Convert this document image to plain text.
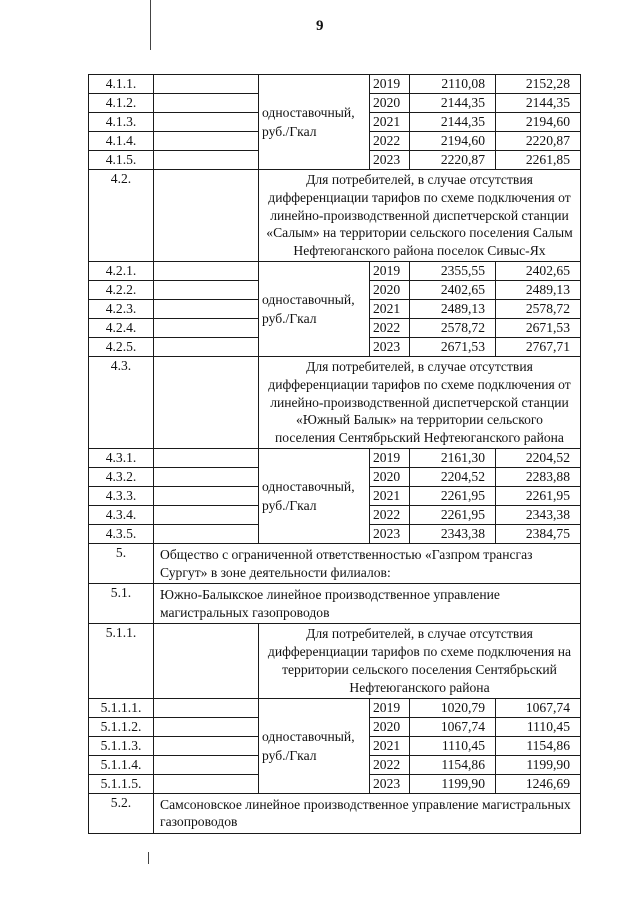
9
4.1.1.		одноставочный, руб./Гкал	2019	2110,08	2152,28
4.1.2.			2020	2144,35	2144,35
4.1.3.			2021	2144,35	2194,60
4.1.4.			2022	2194,60	2220,87
4.1.5.			2023	2220,87	2261,85
4.2.		Для потребителей, в случае отсутствия дифференциации тарифов по схеме подключения от линейно-производственной диспетчерской станции «Салым» на территории сельского поселения Салым Нефтеюганского района поселок Сивыс-Ях			
4.2.1.		одноставочный, руб./Гкал	2019	2355,55	2402,65
4.2.2.			2020	2402,65	2489,13
4.2.3.			2021	2489,13	2578,72
4.2.4.			2022	2578,72	2671,53
4.2.5.			2023	2671,53	2767,71
4.3.		Для потребителей, в случае отсутствия дифференциации тарифов по схеме подключения от линейно-производственной диспетчерской станции «Южный Балык» на территории сельского поселения Сентябрьский Нефтеюганского района			
4.3.1.		одноставочный, руб./Гкал	2019	2161,30	2204,52
4.3.2.			2020	2204,52	2283,88
4.3.3.			2021	2261,95	2261,95
4.3.4.			2022	2261,95	2343,38
4.3.5.			2023	2343,38	2384,75
5.	Общество с ограниченной ответственностью «Газпром трансгаз Сургут» в зоне деятельности филиалов:				
5.1.	Южно-Балыкское линейное производственное управление магистральных газопроводов				
5.1.1.		Для потребителей, в случае отсутствия дифференциации тарифов по схеме подключения на территории сельского поселения Сентябрьский Нефтеюганского района			
5.1.1.1.		одноставочный, руб./Гкал	2019	1020,79	1067,74
5.1.1.2.			2020	1067,74	1110,45
5.1.1.3.			2021	1110,45	1154,86
5.1.1.4.			2022	1154,86	1199,90
5.1.1.5.			2023	1199,90	1246,69
5.2.	Самсоновское линейное производственное управление магистральных газопроводов				
